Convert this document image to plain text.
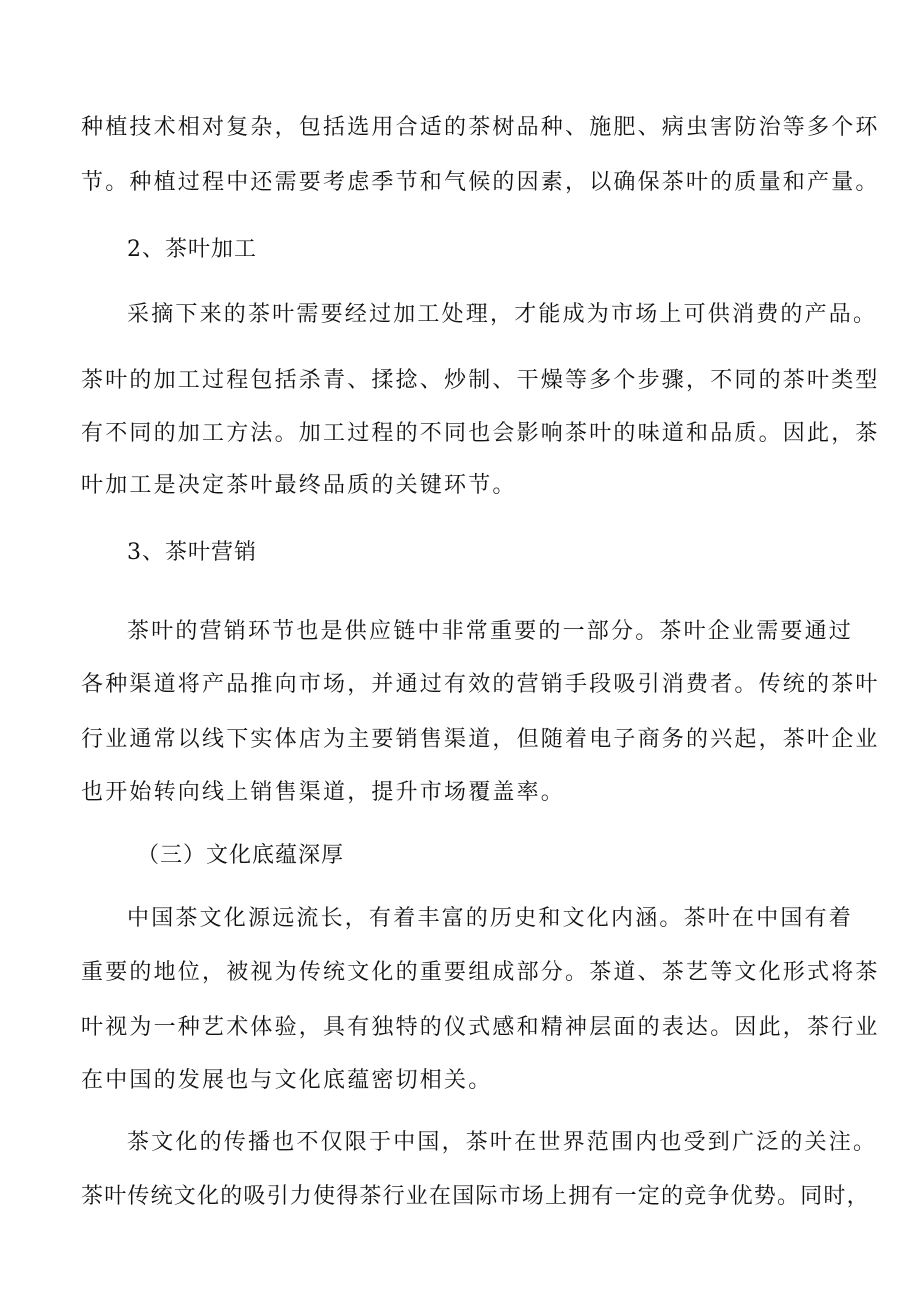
种植技术相对复杂，包括选用合适的茶树品种、施肥、病虫害防治等多个环
节。种植过程中还需要考虑季节和气候的因素，以确保茶叶的质量和产量。
2、茶叶加工
采摘下来的茶叶需要经过加工处理，才能成为市场上可供消费的产品。
茶叶的加工过程包括杀青、揉捻、炒制、干燥等多个步骤，不同的茶叶类型
有不同的加工方法。加工过程的不同也会影响茶叶的味道和品质。因此，茶
叶加工是决定茶叶最终品质的关键环节。
3、茶叶营销
茶叶的营销环节也是供应链中非常重要的一部分。茶叶企业需要通过
各种渠道将产品推向市场，并通过有效的营销手段吸引消费者。传统的茶叶
行业通常以线下实体店为主要销售渠道，但随着电子商务的兴起，茶叶企业
也开始转向线上销售渠道，提升市场覆盖率。
（三）文化底蕴深厚
中国茶文化源远流长，有着丰富的历史和文化内涵。茶叶在中国有着
重要的地位，被视为传统文化的重要组成部分。茶道、茶艺等文化形式将茶
叶视为一种艺术体验，具有独特的仪式感和精神层面的表达。因此，茶行业
在中国的发展也与文化底蕴密切相关。
茶文化的传播也不仅限于中国，茶叶在世界范围内也受到广泛的关注。
茶叶传统文化的吸引力使得茶行业在国际市场上拥有一定的竞争优势。同时，
